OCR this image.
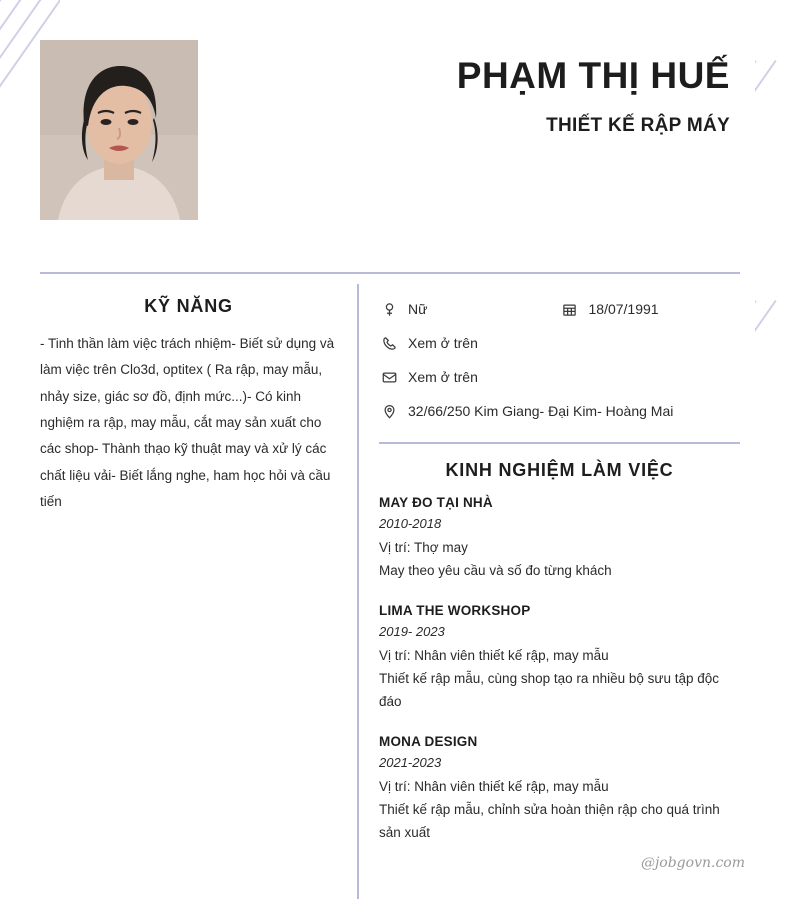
PHẠM THỊ HUẾ
THIẾT KẾ RẬP MÁY
KỸ NĂNG
- Tinh thần làm việc trách nhiệm- Biết sử dụng và làm việc trên Clo3d, optitex ( Ra rập, may mẫu, nhảy size, giác sơ đồ, định mức...)- Có kinh nghiệm ra rập, may mẫu, cắt may sản xuất cho các shop- Thành thạo kỹ thuật may và xử lý các chất liệu vải- Biết lắng nghe, ham học hỏi và cầu tiến
Nữ	18/07/1991
Xem ở trên
Xem ở trên
32/66/250 Kim Giang- Đại Kim- Hoàng Mai
KINH NGHIỆM LÀM VIỆC
MAY ĐO TẠI NHÀ
2010-2018
Vị trí: Thợ may
May theo yêu cầu và số đo từng khách
LIMA THE WORKSHOP
2019- 2023
Vị trí: Nhân viên thiết kế rập, may mẫu
Thiết kế rập mẫu, cùng shop tạo ra nhiều bộ sưu tập độc đáo
MONA DESIGN
2021-2023
Vị trí: Nhân viên thiết kế rập, may mẫu
Thiết kế rập mẫu, chỉnh sửa hoàn thiện rập cho quá trình sản xuất
@jobgovn.com
